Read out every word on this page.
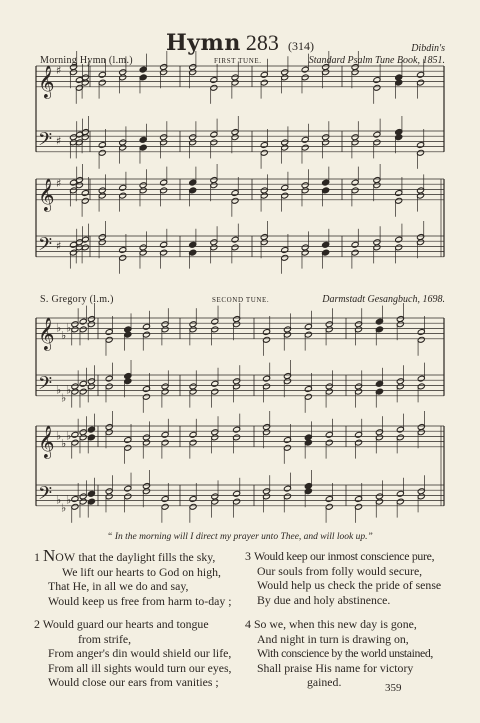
Hymn 283 (314)
Morning Hymn (l.m.)	FIRST TUNE.
Dibdin's
Standard Psalm Tune Book, 1851.
S. Gregory (l.m.)	SECOND TUNE.	Darmstadt Gesangbuch, 1698.
𝄞
𝄢
♯
♯
𝄞
𝄢
♯
♯
𝄞
𝄢
♭
♭
♭
♭
♭
♭
𝄞
𝄢
♭
♭
♭
♭
♭
♭
“ In the morning will I direct my prayer unto Thee, and will look up.”
1 NOW that the daylight fills the sky,
We lift our hearts to God on high,
That He, in all we do and say,
Would keep us free from harm to-day ;
2 Would guard our hearts and tongue
from strife,
From anger's din would shield our life,
From all ill sights would turn our eyes,
Would close our ears from vanities ;
3 Would keep our inmost conscience pure,
Our souls from folly would secure,
Would help us check the pride of sense
By due and holy abstinence.
4 So we, when this new day is gone,
And night in turn is drawing on,
With conscience by the world unstained,
Shall praise His name for victory
gained.	359
